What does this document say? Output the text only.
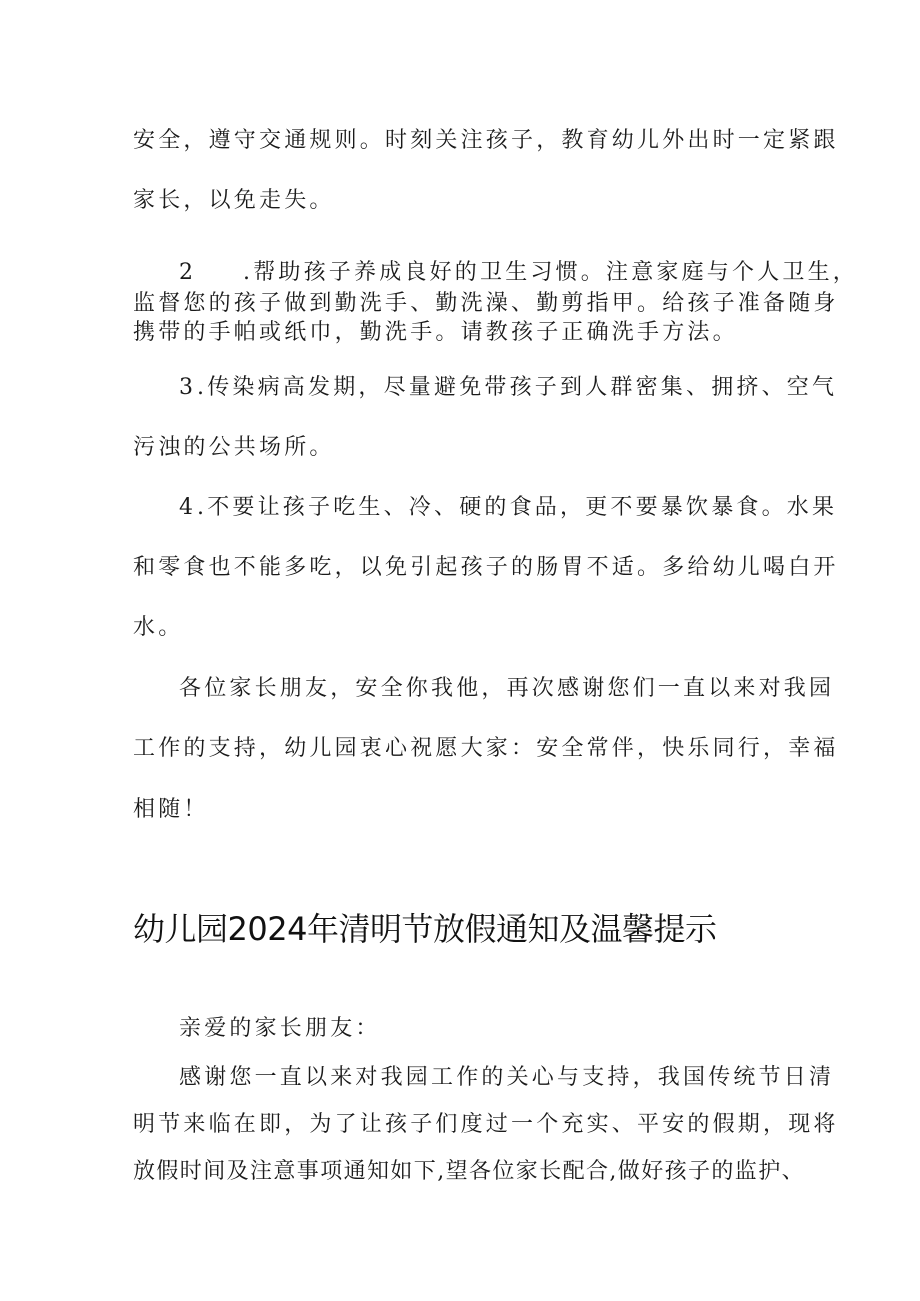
安全，遵守交通规则。时刻关注孩子，教育幼儿外出时一定紧跟
家长，以免走失。
2 .帮助孩子养成良好的卫生习惯。注意家庭与个人卫生，
监督您的孩子做到勤洗手、勤洗澡、勤剪指甲。给孩子准备随身
携带的手帕或纸巾，勤洗手。请教孩子正确洗手方法。
3.传染病高发期，尽量避免带孩子到人群密集、拥挤、空气
污浊的公共场所。
4.不要让孩子吃生、冷、硬的食品，更不要暴饮暴食。水果
和零食也不能多吃，以免引起孩子的肠胃不适。多给幼儿喝白开
水。
各位家长朋友，安全你我他，再次感谢您们一直以来对我园
工作的支持，幼儿园衷心祝愿大家：安全常伴，快乐同行，幸福
相随！
幼儿园2024年清明节放假通知及温馨提示
亲爱的家长朋友：
感谢您一直以来对我园工作的关心与支持，我国传统节日清
明节来临在即，为了让孩子们度过一个充实、平安的假期，现将
放假时间及注意事项通知如下,望各位家长配合,做好孩子的监护、
